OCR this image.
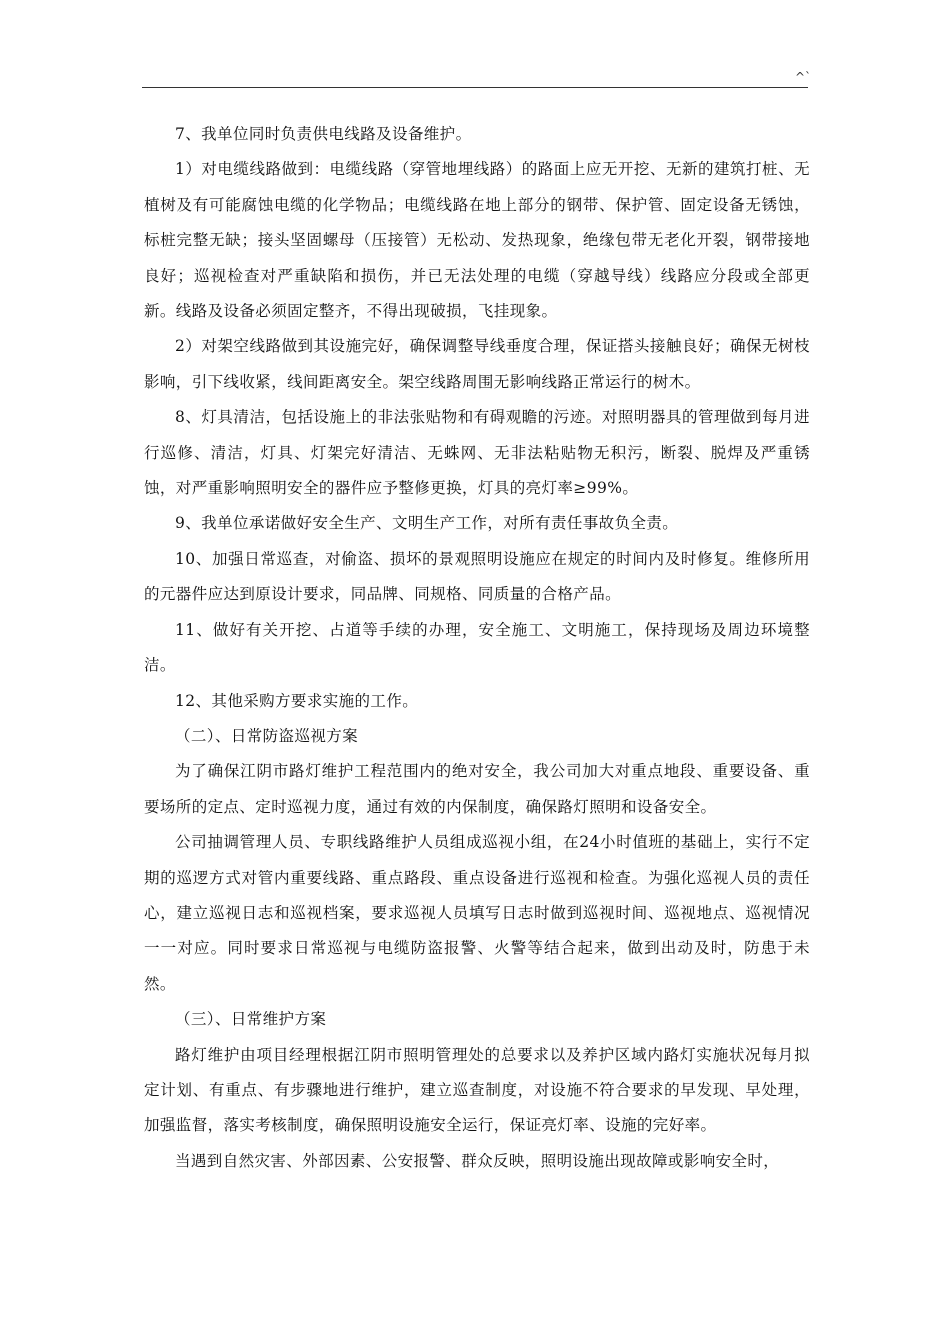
^`

7、我单位同时负责供电线路及设备维护。

1）对电缆线路做到：电缆线路（穿管地埋线路）的路面上应无开挖、无新的建筑打桩、无植树及有可能腐蚀电缆的化学物品；电缆线路在地上部分的钢带、保护管、固定设备无锈蚀，标桩完整无缺；接头坚固螺母（压接管）无松动、发热现象，绝缘包带无老化开裂，钢带接地良好；巡视检查对严重缺陷和损伤，并已无法处理的电缆（穿越导线）线路应分段或全部更新。线路及设备必须固定整齐，不得出现破损，飞挂现象。

2）对架空线路做到其设施完好，确保调整导线垂度合理，保证搭头接触良好；确保无树枝影响，引下线收紧，线间距离安全。架空线路周围无影响线路正常运行的树木。

8、灯具清洁，包括设施上的非法张贴物和有碍观瞻的污迹。对照明器具的管理做到每月进行巡修、清洁，灯具、灯架完好清洁、无蛛网、无非法粘贴物无积污，断裂、脱焊及严重锈蚀，对严重影响照明安全的器件应予整修更换，灯具的亮灯率≥99%。

9、我单位承诺做好安全生产、文明生产工作，对所有责任事故负全责。

10、加强日常巡查，对偷盗、损坏的景观照明设施应在规定的时间内及时修复。维修所用的元器件应达到原设计要求，同品牌、同规格、同质量的合格产品。

11、做好有关开挖、占道等手续的办理，安全施工、文明施工，保持现场及周边环境整洁。

12、其他采购方要求实施的工作。

（二）、日常防盗巡视方案

为了确保江阴市路灯维护工程范围内的绝对安全，我公司加大对重点地段、重要设备、重要场所的定点、定时巡视力度，通过有效的内保制度，确保路灯照明和设备安全。

公司抽调管理人员、专职线路维护人员组成巡视小组，在24小时值班的基础上，实行不定期的巡逻方式对管内重要线路、重点路段、重点设备进行巡视和检查。为强化巡视人员的责任心，建立巡视日志和巡视档案，要求巡视人员填写日志时做到巡视时间、巡视地点、巡视情况一一对应。同时要求日常巡视与电缆防盗报警、火警等结合起来，做到出动及时，防患于未然。

（三）、日常维护方案

路灯维护由项目经理根据江阴市照明管理处的总要求以及养护区域内路灯实施状况每月拟定计划、有重点、有步骤地进行维护，建立巡查制度，对设施不符合要求的早发现、早处理，加强监督，落实考核制度，确保照明设施安全运行，保证亮灯率、设施的完好率。

当遇到自然灾害、外部因素、公安报警、群众反映，照明设施出现故障或影响安全时，
